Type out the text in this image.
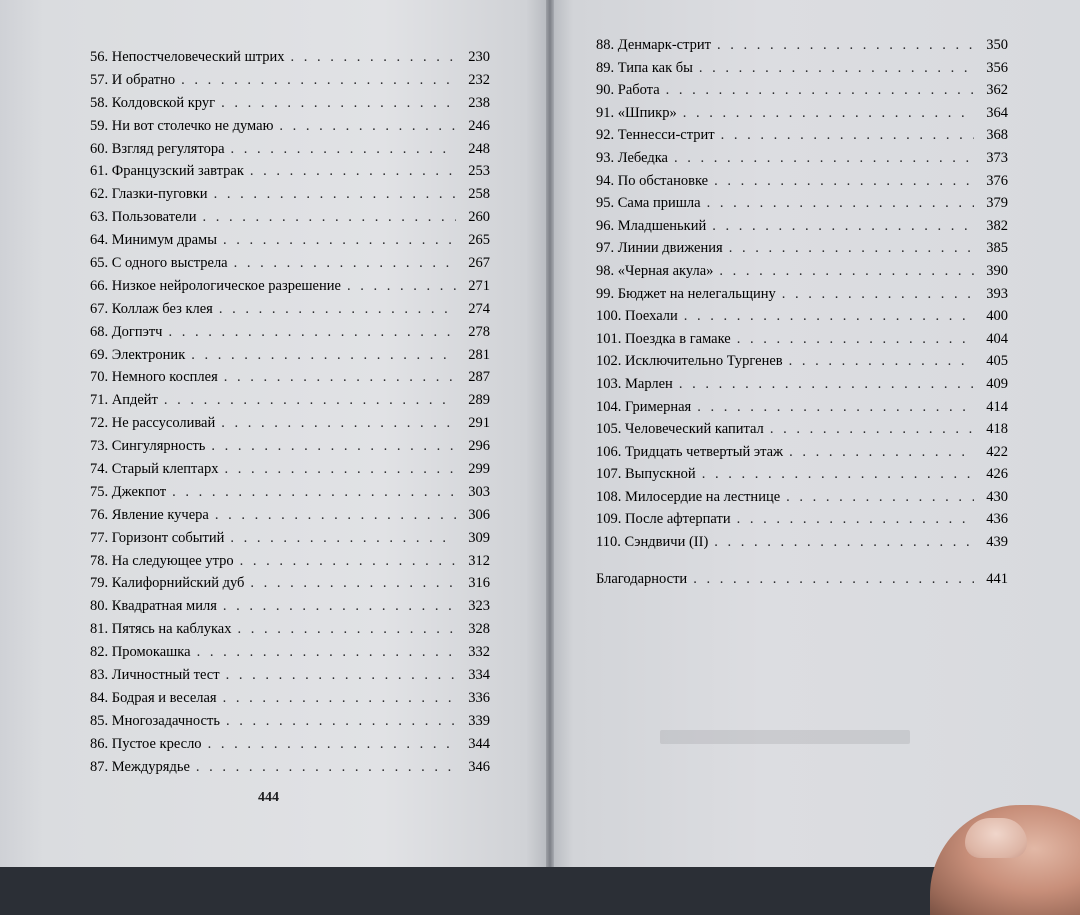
56. Непостчеловеческий штрих . . .	230
57. И обратно . . .	232
58. Колдовской круг . . .	238
59. Ни вот столечко не думаю . . .	246
60. Взгляд регулятора . . .	248
61. Французский завтрак . . .	253
62. Глазки-пуговки . . .	258
63. Пользователи . . .	260
64. Минимум драмы . . .	265
65. С одного выстрела . . .	267
66. Низкое нейрологическое разрешение . . .	271
67. Коллаж без клея . . .	274
68. Догпэтч . . .	278
69. Электроник . . .	281
70. Немного косплея . . .	287
71. Апдейт . . .	289
72. Не рассусоливай . . .	291
73. Сингулярность . . .	296
74. Старый клептарх . . .	299
75. Джекпот . . .	303
76. Явление кучера . . .	306
77. Горизонт событий . . .	309
78. На следующее утро . . .	312
79. Калифорнийский дуб . . .	316
80. Квадратная миля . . .	323
81. Пятясь на каблуках . . .	328
82. Промокашка . . .	332
83. Личностный тест . . .	334
84. Бодрая и веселая . . .	336
85. Многозадачность . . .	339
86. Пустое кресло . . .	344
87. Междурядье . . .	346
88. Денмарк-стрит . . .	350
89. Типа как бы . . .	356
90. Работа . . .	362
91. «Шпикр» . . .	364
92. Теннесси-стрит . . .	368
93. Лебедка . . .	373
94. По обстановке . . .	376
95. Сама пришла . . .	379
96. Младшенький . . .	382
97. Линии движения . . .	385
98. «Черная акула» . . .	390
99. Бюджет на нелегальщину . . .	393
100. Поехали . . .	400
101. Поездка в гамаке . . .	404
102. Исключительно Тургенев . . .	405
103. Марлен . . .	409
104. Гримерная . . .	414
105. Человеческий капитал . . .	418
106. Тридцать четвертый этаж . . .	422
107. Выпускной . . .	426
108. Милосердие на лестнице . . .	430
109. После афтерпати . . .	436
110. Сэндвичи (II) . . .	439
Благодарности . . .	441
444
